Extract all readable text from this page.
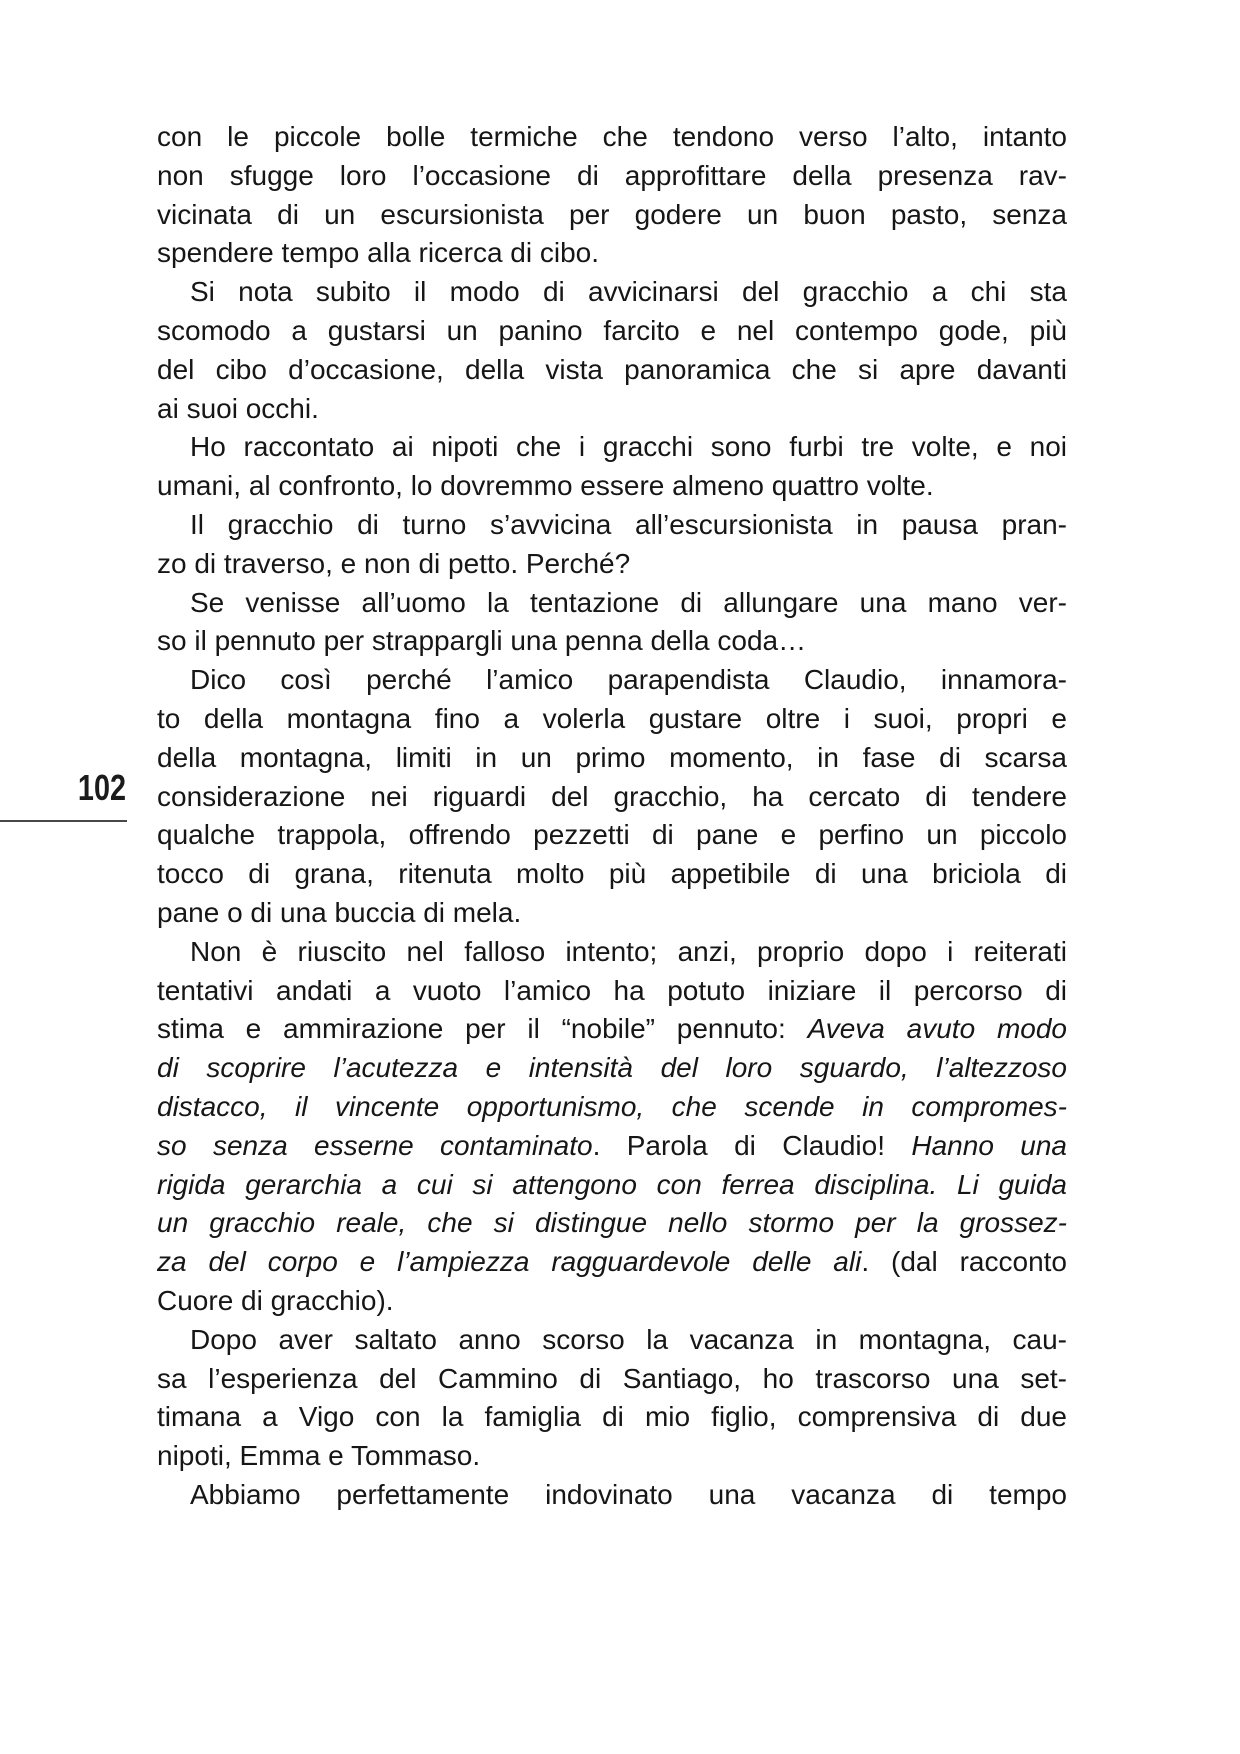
102
con le piccole bolle termiche che tendono verso l’alto, intanto
non sfugge loro l’occasione di approfittare della presenza rav-
vicinata di un escursionista per godere un buon pasto, senza
spendere tempo alla ricerca di cibo.
Si nota subito il modo di avvicinarsi del gracchio a chi sta
scomodo a gustarsi un panino farcito e nel contempo gode, più
del cibo d’occasione, della vista panoramica che si apre davanti
ai suoi occhi.
Ho raccontato ai nipoti che i gracchi sono furbi tre volte, e noi
umani, al confronto, lo dovremmo essere almeno quattro volte.
Il gracchio di turno s’avvicina all’escursionista in pausa pran-
zo di traverso, e non di petto. Perché?
Se venisse all’uomo la tentazione di allungare una mano ver-
so il pennuto per strappargli una penna della coda…
Dico così perché l’amico parapendista Claudio, innamora-
to della montagna fino a volerla gustare oltre i suoi, propri e
della montagna, limiti in un primo momento, in fase di scarsa
considerazione nei riguardi del gracchio, ha cercato di tendere
qualche trappola, offrendo pezzetti di pane e perfino un piccolo
tocco di grana, ritenuta molto più appetibile di una briciola di
pane o di una buccia di mela.
Non è riuscito nel falloso intento; anzi, proprio dopo i reiterati
tentativi andati a vuoto l’amico ha potuto iniziare il percorso di
stima e ammirazione per il “nobile” pennuto: Aveva avuto modo
di scoprire l’acutezza e intensità del loro sguardo, l’altezzoso
distacco, il vincente opportunismo, che scende in compromes-
so senza esserne contaminato. Parola di Claudio! Hanno una
rigida gerarchia a cui si attengono con ferrea disciplina. Li guida
un gracchio reale, che si distingue nello stormo per la grossez-
za del corpo e l’ampiezza ragguardevole delle ali. (dal racconto
Cuore di gracchio).
Dopo aver saltato anno scorso la vacanza in montagna, cau-
sa l’esperienza del Cammino di Santiago, ho trascorso una set-
timana a Vigo con la famiglia di mio figlio, comprensiva di due
nipoti, Emma e Tommaso.
Abbiamo perfettamente indovinato una vacanza di tempo
